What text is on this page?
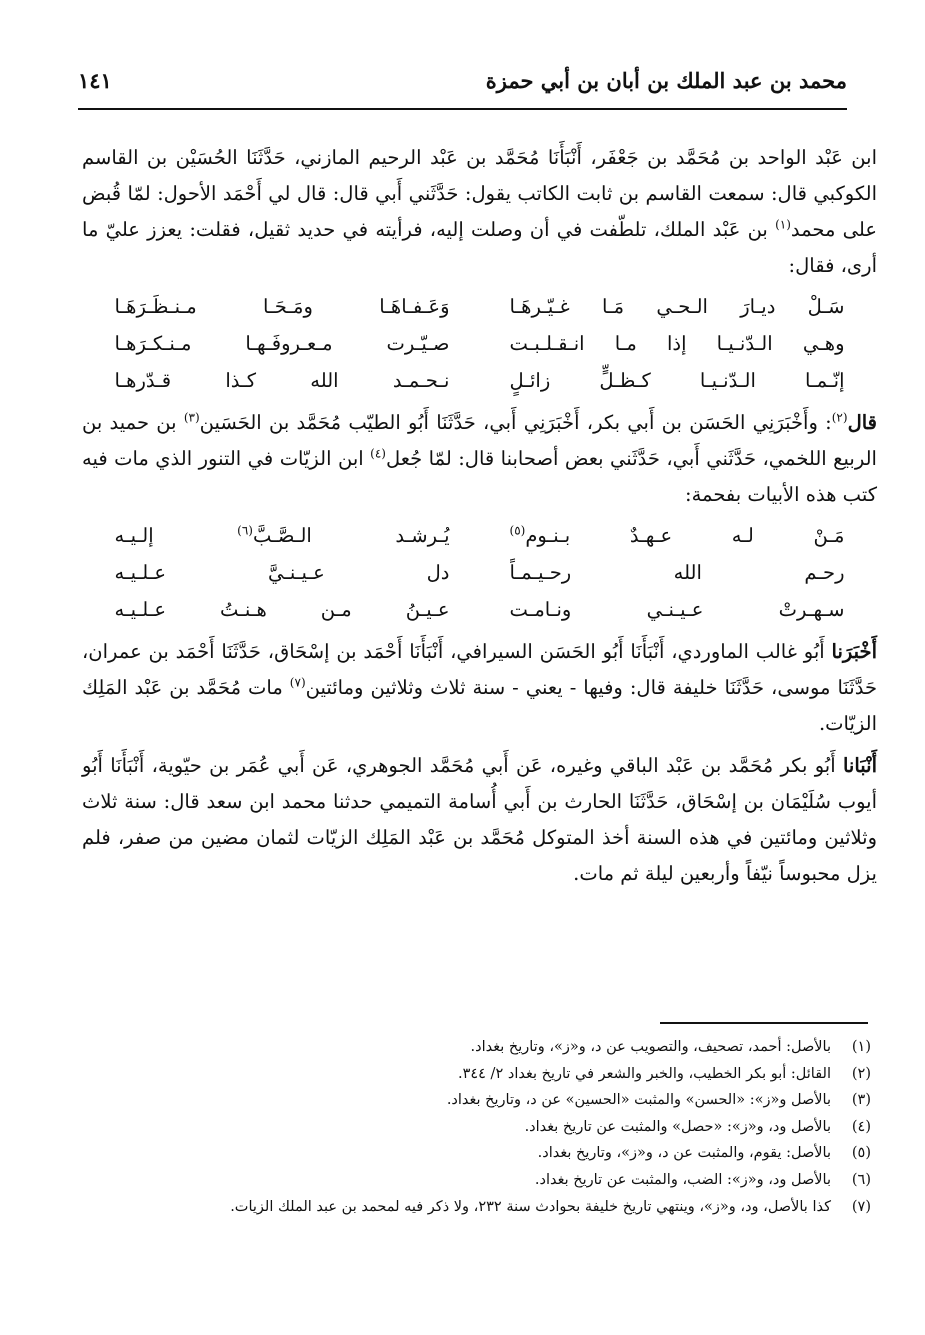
محمد بن عبد الملك بن أبان بن أبي حمزة
١٤١

ابن عَبْد الواحد بن مُحَمَّد بن جَعْفَر، أَنْبَأَنَا مُحَمَّد بن عَبْد الرحيم المازني، حَدَّثَنَا الحُسَيْن بن القاسم الكوكبي قال: سمعت القاسم بن ثابت الكاتب يقول: حَدَّثَني أَبي قال: قال لي أَحْمَد الأحول: لمّا قُبض على محمد$^{(١)}$ بن عَبْد الملك، تلطّفت في أن وصلت إليه، فرأيته في حديد ثقيل، فقلت: يعزز عليّ ما أرى، فقال:

سَـلْ ديـارَ الـحـي مَـا غـيّـرهَـا
وَعَـفـاهَـا ومَـحَـا مـنـظَـرَهَـا
وهـي الـدّنـيـا إذا مـا انـقـلـبـت
صـيّـرت مـعـروفَـهـا مـنـكـرَهـا
إنّـمـا الـدّنـيـا كـظـلٍّ زائـلٍ
نـحـمـد الله كـذا قـدّرهـا

قال$^{(٢)}$: وأَخْبَرَنِي الحَسَن بن أَبي بكر، أَخْبَرَنِي أَبي، حَدَّثَنَا أَبُو الطيّب مُحَمَّد بن الحَسَين$^{(٣)}$ بن حميد بن الربيع اللخمي، حَدَّثَني أَبي، حَدَّثَني بعض أصحابنا قال: لمّا جُعل$^{(٤)}$ ابن الزيّات في التنور الذي مات فيه كتب هذه الأبيات بفحمة:

مَـنْ لـه عـهـدٌ بـنـوم$^{(٥)}$
يُـرشـد الـصَّـبَّ$^{(٦)}$ إلـيـه
رحـم الله رحـيـمـاً
دل عـيـنـيَّ عـلـيـه
سـهـرتْ عـيـنـي ونـامـت
عـيـنُ مـن هـنـتُ عـلـيـه

أَخْبَرَنا أَبُو غالب الماوردي، أَنْبَأَنَا أَبُو الحَسَن السيرافي، أَنْبَأَنَا أَحْمَد بن إسْحَاق، حَدَّثَنَا أَحْمَد بن عمران، حَدَّثَنَا موسى، حَدَّثَنَا خليفة قال: وفيها - يعني - سنة ثلاث وثلاثين ومائتين$^{(٧)}$ مات مُحَمَّد بن عَبْد المَلِك الزيّات.

أَنْبَانا أَبُو بكر مُحَمَّد بن عَبْد الباقي وغيره، عَن أَبي مُحَمَّد الجوهري، عَن أَبي عُمَر بن حيّوية، أَنْبَأَنَا أَبُو أيوب سُلَيْمَان بن إسْحَاق، حَدَّثَنَا الحارث بن أَبي أُسامة التميمي حدثنا محمد ابن سعد قال: سنة ثلاث وثلاثين ومائتين في هذه السنة أخذ المتوكل مُحَمَّد بن عَبْد المَلِك الزيّات لثمان مضين من صفر، فلم يزل محبوساً نيّفاً وأربعين ليلة ثم مات.

(١)
بالأصل: أحمد، تصحيف، والتصويب عن د، و«ز»، وتاريخ بغداد.
(٢)
القائل: أبو بكر الخطيب، والخبر والشعر في تاريخ بغداد ٢/ ٣٤٤.
(٣)
بالأصل و«ز»: «الحسن» والمثبت «الحسين» عن د، وتاريخ بغداد.
(٤)
بالأصل ود، و«ز»: «حصل» والمثبت عن تاريخ بغداد.
(٥)
بالأصل: يقوم، والمثبت عن د، و«ز»، وتاريخ بغداد.
(٦)
بالأصل ود، و«ز»: الضب، والمثبت عن تاريخ بغداد.
(٧)
كذا بالأصل، ود، و«ز»، وينتهي تاريخ خليفة بحوادث سنة ٢٣٢، ولا ذكر فيه لمحمد بن عبد الملك الزيات.
